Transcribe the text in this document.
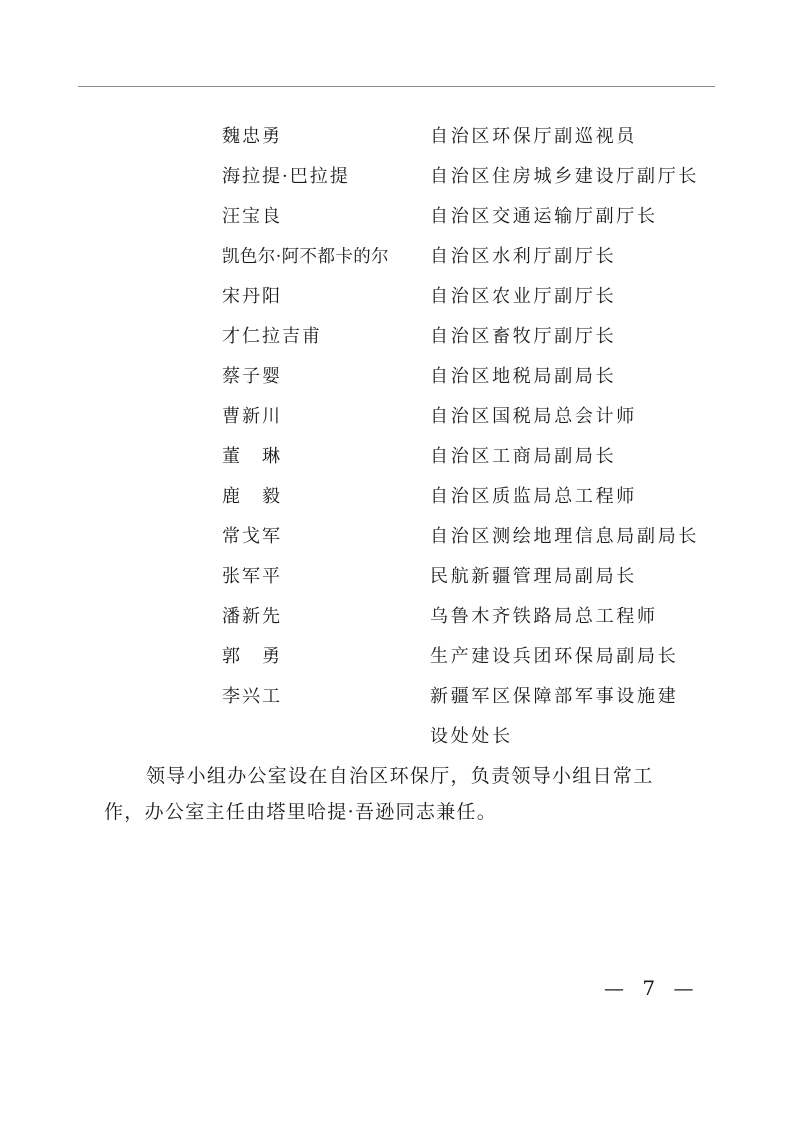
魏忠勇	自治区环保厅副巡视员
海拉提·巴拉提	自治区住房城乡建设厅副厅长
汪宝良	自治区交通运输厅副厅长
凯色尔·阿不都卡的尔 自治区水利厅副厅长
宋丹阳	自治区农业厅副厅长
才仁拉吉甫	自治区畜牧厅副厅长
蔡子婴	自治区地税局副局长
曹新川	自治区国税局总会计师
董　琳	自治区工商局副局长
鹿　毅	自治区质监局总工程师
常戈军	自治区测绘地理信息局副局长
张军平	民航新疆管理局副局长
潘新先	乌鲁木齐铁路局总工程师
郭　勇	生产建设兵团环保局副局长
李兴工	新疆军区保障部军事设施建设处处长

领导小组办公室设在自治区环保厅，负责领导小组日常工作，办公室主任由塔里哈提·吾逊同志兼任。

— 7 —
